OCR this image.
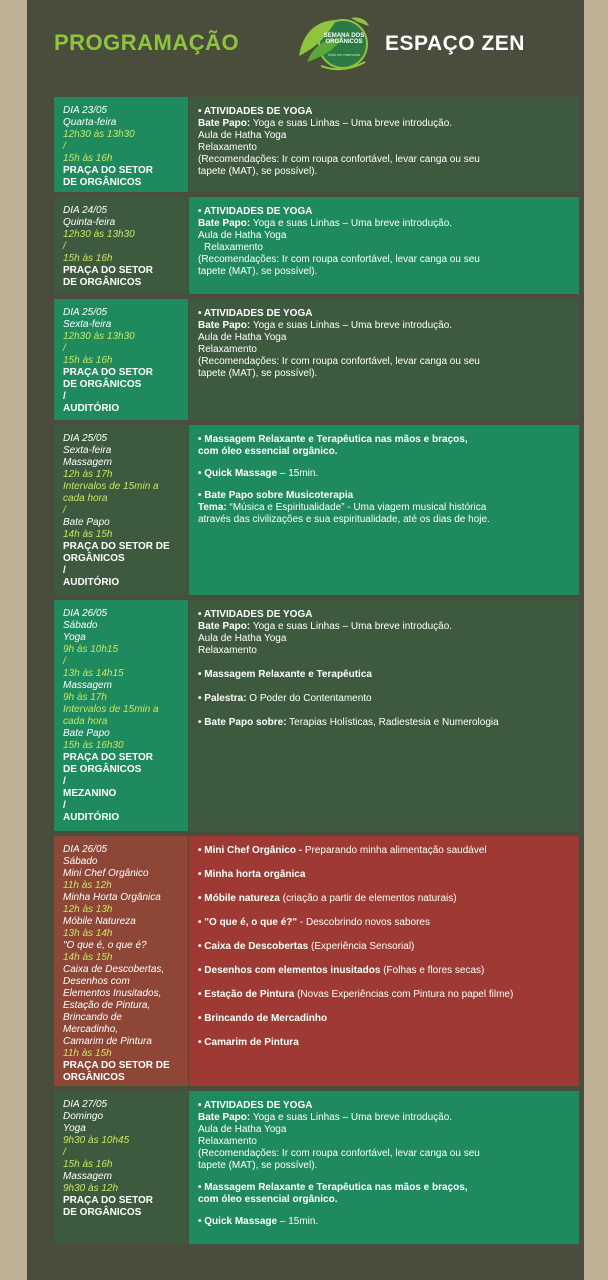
PROGRAMAÇÃO	SEMANA DOS
ORGÂNICOS
Vida em harmonia	ESPAÇO ZEN
DIA 23/05
Quarta-feira
12h30 às 13h30
/
15h às 16h
PRAÇA DO SETOR
DE ORGÂNICOS
• ATIVIDADES DE YOGA
Bate Papo: Yoga e suas Linhas – Uma breve introdução.
Aula de Hatha Yoga
Relaxamento
(Recomendações: Ir com roupa confortável, levar canga ou seu
tapete (MAT), se possível).
DIA 24/05
Quinta-feira
12h30 às 13h30
/
15h às 16h
PRAÇA DO SETOR
DE ORGÂNICOS
• ATIVIDADES DE YOGA
Bate Papo: Yoga e suas Linhas – Uma breve introdução.
Aula de Hatha Yoga
Relaxamento
(Recomendações: Ir com roupa confortável, levar canga ou seu
tapete (MAT), se possível).
DIA 25/05
Sexta-feira
12h30 às 13h30
/
15h às 16h
PRAÇA DO SETOR
DE ORGÂNICOS
/
AUDITÓRIO
• ATIVIDADES DE YOGA
Bate Papo: Yoga e suas Linhas – Uma breve introdução.
Aula de Hatha Yoga
Relaxamento
(Recomendações: Ir com roupa confortável, levar canga ou seu
tapete (MAT), se possível).
DIA 25/05
Sexta-feira
Massagem
12h às 17h
Intervalos de 15min a
cada hora
/
Bate Papo
14h às 15h
PRAÇA DO SETOR DE
ORGÂNICOS
/
AUDITÓRIO
• Massagem Relaxante e Terapêutica nas mãos e braços,
com óleo essencial orgânico.
• Quick Massage – 15min.
• Bate Papo sobre Musicoterapia
Tema: “Música e Espiritualidade” - Uma viagem musical histórica
através das civilizações e sua espiritualidade, até os dias de hoje.
DIA 26/05
Sábado
Yoga
9h às 10h15
/
13h às 14h15
Massagem
9h às 17h
Intervalos de 15min a
cada hora
Bate Papo
15h às 16h30
PRAÇA DO SETOR
DE ORGÂNICOS
/
MEZANINO
/
AUDITÓRIO
• ATIVIDADES DE YOGA
Bate Papo: Yoga e suas Linhas – Uma breve introdução.
Aula de Hatha Yoga
Relaxamento
• Massagem Relaxante e Terapêutica
• Palestra: O Poder do Contentamento
• Bate Papo sobre: Terapias Holísticas, Radiestesia e Numerologia
DIA 26/05
Sábado
Mini Chef Orgânico
11h às 12h
Minha Horta Orgânica
12h às 13h
Móbile Natureza
13h às 14h
"O que é, o que é?
14h às 15h
Caixa de Descobertas,
Desenhos com
Elementos Inusitados,
Estação de Pintura,
Brincando de
Mercadinho,
Camarim de Pintura
11h às 15h
PRAÇA DO SETOR DE
ORGÂNICOS
• Mini Chef Orgânico - Preparando minha alimentação saudável
• Minha horta orgânica
• Móbile natureza (criação a partir de elementos naturais)
• "O que é, o que é?" - Descobrindo novos sabores
• Caixa de Descobertas (Experiência Sensorial)
• Desenhos com elementos inusitados (Folhas e flores secas)
• Estação de Pintura (Novas Experiências com Pintura no papel filme)
• Brincando de Mercadinho
• Camarim de Pintura
DIA 27/05
Domingo
Yoga
9h30 às 10h45
/
15h às 16h
Massagem
9h30 às 12h
PRAÇA DO SETOR
DE ORGÂNICOS
• ATIVIDADES DE YOGA
Bate Papo: Yoga e suas Linhas – Uma breve introdução.
Aula de Hatha Yoga
Relaxamento
(Recomendações: Ir com roupa confortável, levar canga ou seu
tapete (MAT), se possível).
• Massagem Relaxante e Terapêutica nas mãos e braços,
com óleo essencial orgânico.
• Quick Massage – 15min.
